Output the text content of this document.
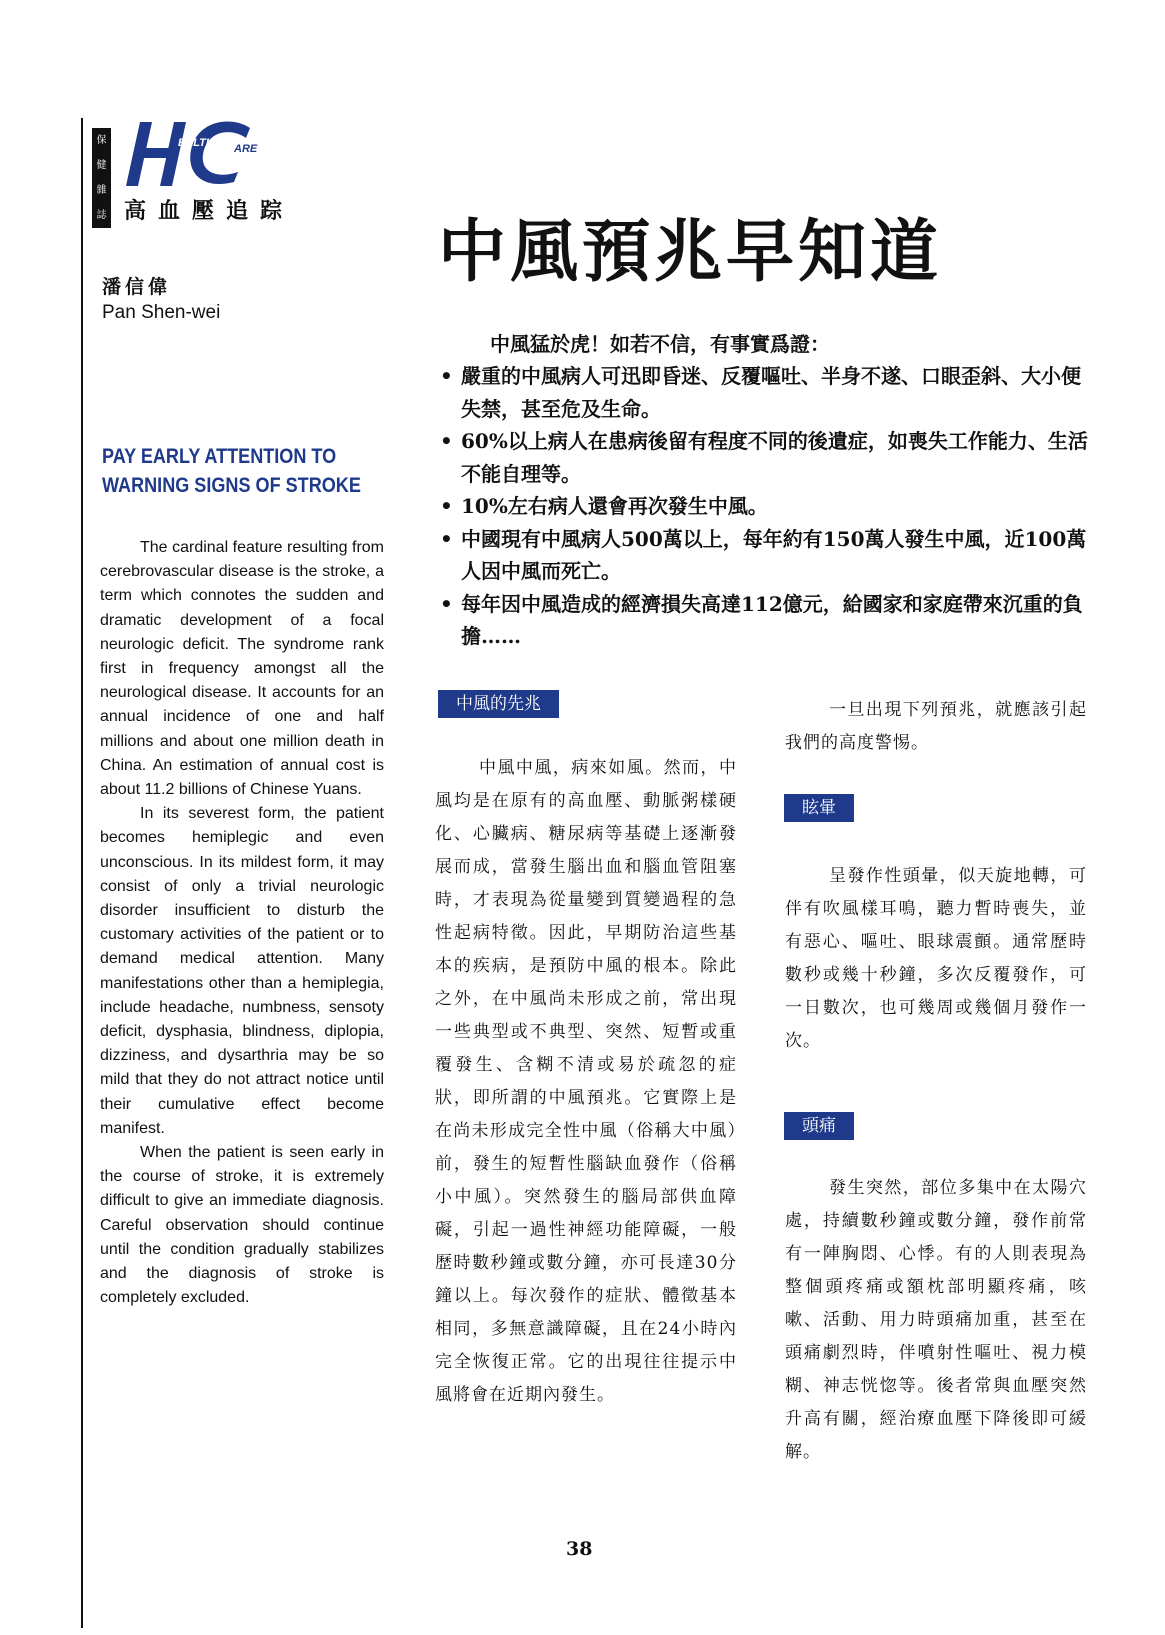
保
健
雜
誌
EALTH ARE
高血壓追踪
潘信偉
Pan Shen-wei
PAY EARLY ATTENTION TO WARNING SIGNS OF STROKE

The cardinal feature resulting from cerebrovascular disease is the stroke, a term which connotes the sudden and dramatic development of a focal neurologic deficit. The syndrome rank first in frequency amongst all the neurological disease. It accounts for an annual incidence of one and half millions and about one million death in China. An estimation of annual cost is about 11.2 billions of Chinese Yuans.

In its severest form, the patient becomes hemiplegic and even unconscious. In its mildest form, it may consist of only a trivial neurologic disorder insufficient to disturb the customary activities of the patient or to demand medical attention. Many manifestations other than a hemiplegia, include headache, numbness, sensoty deficit, dysphasia, blindness, diplopia, dizziness, and dysarthria may be so mild that they do not attract notice until their cumulative effect become manifest.

When the patient is seen early in the course of stroke, it is extremely difficult to give an immediate diagnosis. Careful observation should continue until the condition gradually stabilizes and the diagnosis of stroke is completely excluded.

中風預兆早知道
中風猛於虎！如若不信，有事實爲證：
• 嚴重的中風病人可迅即昏迷、反覆嘔吐、半身不遂、口眼歪斜、大小便失禁，甚至危及生命。
• 60%以上病人在患病後留有程度不同的後遺症，如喪失工作能力、生活不能自理等。
• 10%左右病人還會再次發生中風。
• 中國現有中風病人500萬以上，每年約有150萬人發生中風，近100萬人因中風而死亡。
• 每年因中風造成的經濟損失高達112億元，給國家和家庭帶來沉重的負擔……
中風的先兆

中風中風，病來如風。然而，中風均是在原有的高血壓、動脈粥樣硬化、心臟病、糖尿病等基礎上逐漸發展而成，當發生腦出血和腦血管阻塞時，才表現為從量變到質變過程的急性起病特徵。因此，早期防治這些基本的疾病，是預防中風的根本。除此之外，在中風尚未形成之前，常出現一些典型或不典型、突然、短暫或重覆發生、含糊不清或易於疏忽的症狀，即所謂的中風預兆。它實際上是在尚未形成完全性中風（俗稱大中風）前，發生的短暫性腦缺血發作（俗稱小中風）。突然發生的腦局部供血障礙，引起一過性神經功能障礙，一般歷時數秒鐘或數分鐘，亦可長達30分鐘以上。每次發作的症狀、體徵基本相同，多無意識障礙，且在24小時內完全恢復正常。它的出現往往提示中風將會在近期內發生。

一旦出現下列預兆，就應該引起我們的高度警惕。

眩暈

呈發作性頭暈，似天旋地轉，可伴有吹風樣耳鳴，聽力暫時喪失，並有惡心、嘔吐、眼球震顫。通常歷時數秒或幾十秒鐘，多次反覆發作，可一日數次，也可幾周或幾個月發作一次。

頭痛

發生突然，部位多集中在太陽穴處，持續數秒鐘或數分鐘，發作前常有一陣胸悶、心悸。有的人則表現為整個頭疼痛或額枕部明顯疼痛，咳嗽、活動、用力時頭痛加重，甚至在頭痛劇烈時，伴噴射性嘔吐、視力模糊、神志恍惚等。後者常與血壓突然升高有關，經治療血壓下降後即可緩解。

38
